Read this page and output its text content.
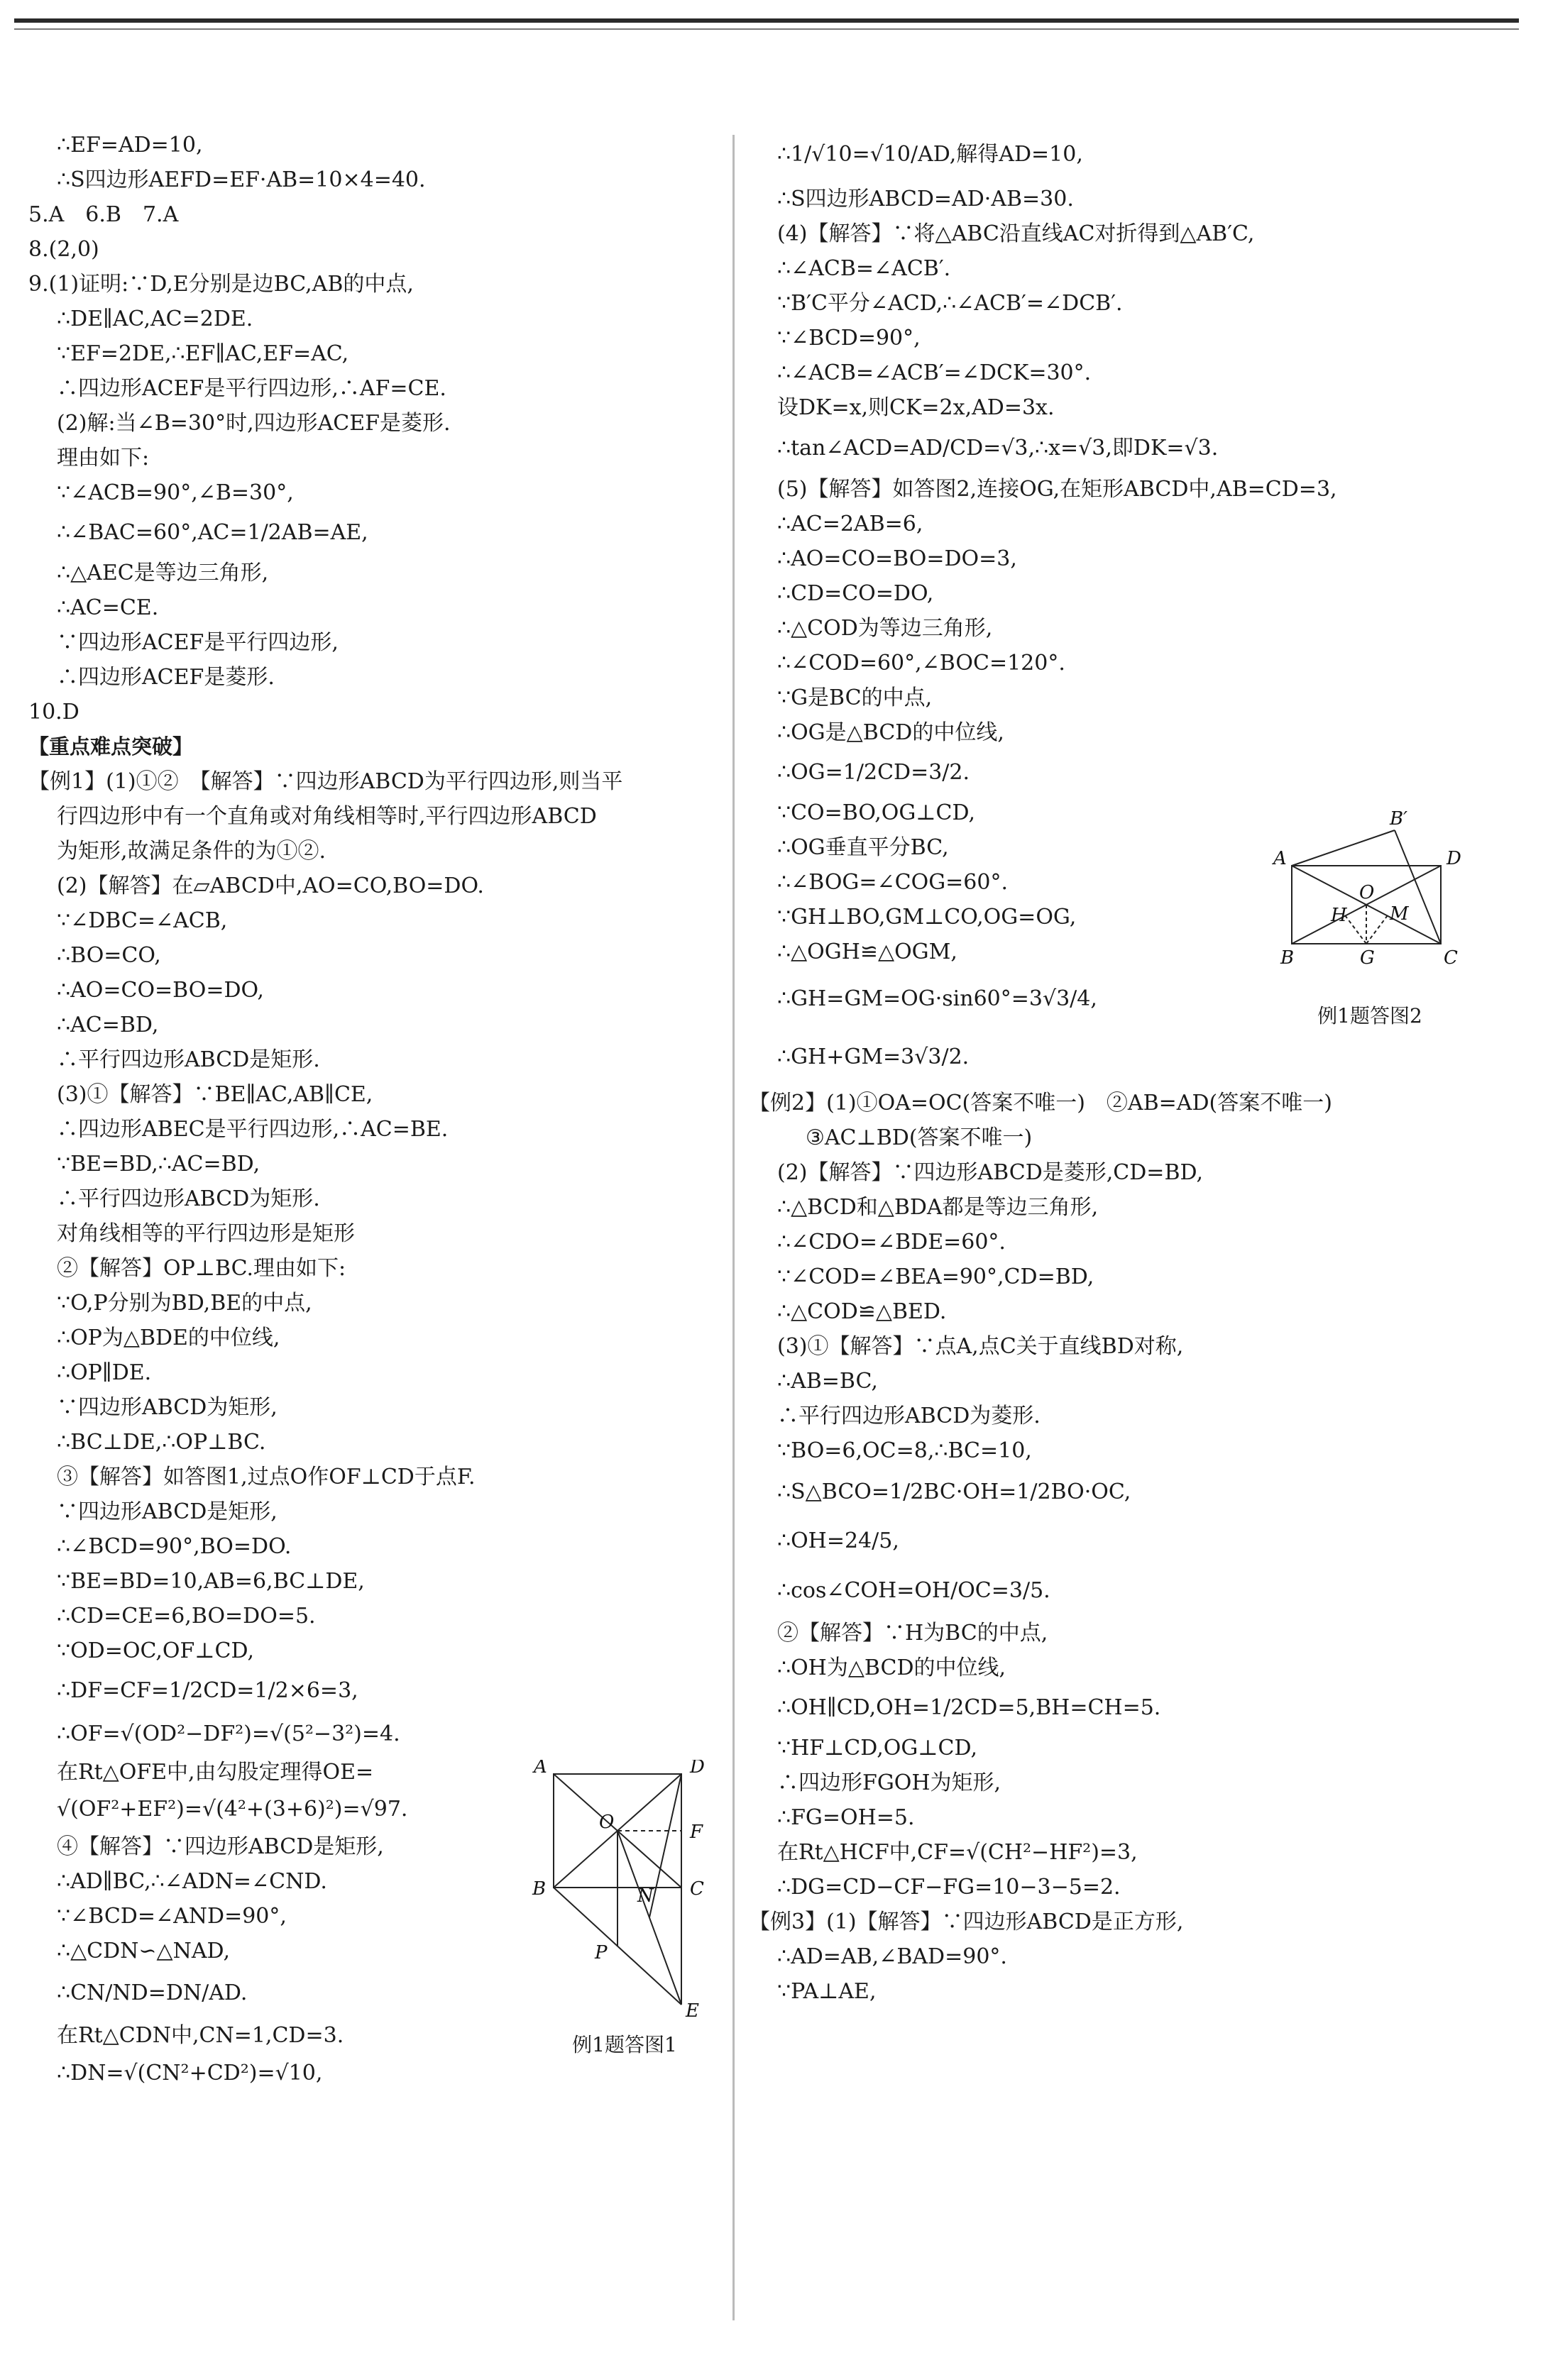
∴EF=AD=10,
∴S四边形AEFD=EF·AB=10×4=40.
5.A　6.B　7.A
8.(2,0)
9.(1)证明:∵D,E分别是边BC,AB的中点,
∴DE∥AC,AC=2DE.
∵EF=2DE,∴EF∥AC,EF=AC,
∴四边形ACEF是平行四边形,∴AF=CE.
(2)解:当∠B=30°时,四边形ACEF是菱形.
理由如下:
∵∠ACB=90°,∠B=30°,
∴∠BAC=60°,AC=1/2AB=AE,
∴△AEC是等边三角形,
∴AC=CE.
∵四边形ACEF是平行四边形,
∴四边形ACEF是菱形.
10.D
【重点难点突破】
【例1】(1)①②　【解答】∵四边形ABCD为平行四边形,则当平
行四边形中有一个直角或对角线相等时,平行四边形ABCD
为矩形,故满足条件的为①②.
(2)【解答】在▱ABCD中,AO=CO,BO=DO.
∵∠DBC=∠ACB,
∴BO=CO,
∴AO=CO=BO=DO,
∴AC=BD,
∴平行四边形ABCD是矩形.
(3)①【解答】∵BE∥AC,AB∥CE,
∴四边形ABEC是平行四边形,∴AC=BE.
∵BE=BD,∴AC=BD,
∴平行四边形ABCD为矩形.
对角线相等的平行四边形是矩形
②【解答】OP⊥BC.理由如下:
∵O,P分别为BD,BE的中点,
∴OP为△BDE的中位线,
∴OP∥DE.
∵四边形ABCD为矩形,
∴BC⊥DE,∴OP⊥BC.
③【解答】如答图1,过点O作OF⊥CD于点F.
∵四边形ABCD是矩形,
∴∠BCD=90°,BO=DO.
∵BE=BD=10,AB=6,BC⊥DE,
∴CD=CE=6,BO=DO=5.
∵OD=OC,OF⊥CD,
∴DF=CF=1/2CD=1/2×6=3,
∴OF=√(OD²−DF²)=√(5²−3²)=4.
在Rt△OFE中,由勾股定理得OE=
√(OF²+EF²)=√(4²+(3+6)²)=√97.
④【解答】∵四边形ABCD是矩形,
∴AD∥BC,∴∠ADN=∠CND.
∵∠BCD=∠AND=90°,
∴△CDN∽△NAD,
∴CN/ND=DN/AD.
在Rt△CDN中,CN=1,CD=3.
∴DN=√(CN²+CD²)=√10,
A	D
O	F
B	C
N
P
E
例1题答图1
∴1/√10=√10/AD,解得AD=10,
∴S四边形ABCD=AD·AB=30.
(4)【解答】∵将△ABC沿直线AC对折得到△AB′C,
∴∠ACB=∠ACB′.
∵B′C平分∠ACD,∴∠ACB′=∠DCB′.
∵∠BCD=90°,
∴∠ACB=∠ACB′=∠DCK=30°.
设DK=x,则CK=2x,AD=3x.
∴tan∠ACD=AD/CD=√3,∴x=√3,即DK=√3.
(5)【解答】如答图2,连接OG,在矩形ABCD中,AB=CD=3,
∴AC=2AB=6,
∴AO=CO=BO=DO=3,
∴CD=CO=DO,
∴△COD为等边三角形,
∴∠COD=60°,∠BOC=120°.
∵G是BC的中点,
∴OG是△BCD的中位线,
∴OG=1/2CD=3/2.
∵CO=BO,OG⊥CD,
∴OG垂直平分BC,
∴∠BOG=∠COG=60°.
∵GH⊥BO,GM⊥CO,OG=OG,
∴△OGH≌△OGM,
∴GH=GM=OG·sin60°=3√3/4,
∴GH+GM=3√3/2.
【例2】(1)①OA=OC(答案不唯一)　②AB=AD(答案不唯一)
③AC⊥BD(答案不唯一)
(2)【解答】∵四边形ABCD是菱形,CD=BD,
∴△BCD和△BDA都是等边三角形,
∴∠CDO=∠BDE=60°.
∵∠COD=∠BEA=90°,CD=BD,
∴△COD≌△BED.
(3)①【解答】∵点A,点C关于直线BD对称,
∴AB=BC,
∴平行四边形ABCD为菱形.
∵BO=6,OC=8,∴BC=10,
∴S△BCO=1/2BC·OH=1/2BO·OC,
∴OH=24/5,
∴cos∠COH=OH/OC=3/5.
②【解答】∵H为BC的中点,
∴OH为△BCD的中位线,
∴OH∥CD,OH=1/2CD=5,BH=CH=5.
∵HF⊥CD,OG⊥CD,
∴四边形FGOH为矩形,
∴FG=OH=5.
在Rt△HCF中,CF=√(CH²−HF²)=3,
∴DG=CD−CF−FG=10−3−5=2.
【例3】(1)【解答】∵四边形ABCD是正方形,
∴AD=AB,∠BAD=90°.
∵PA⊥AE,
B′
A	D
O
H M
B	G	C
例1题答图2
